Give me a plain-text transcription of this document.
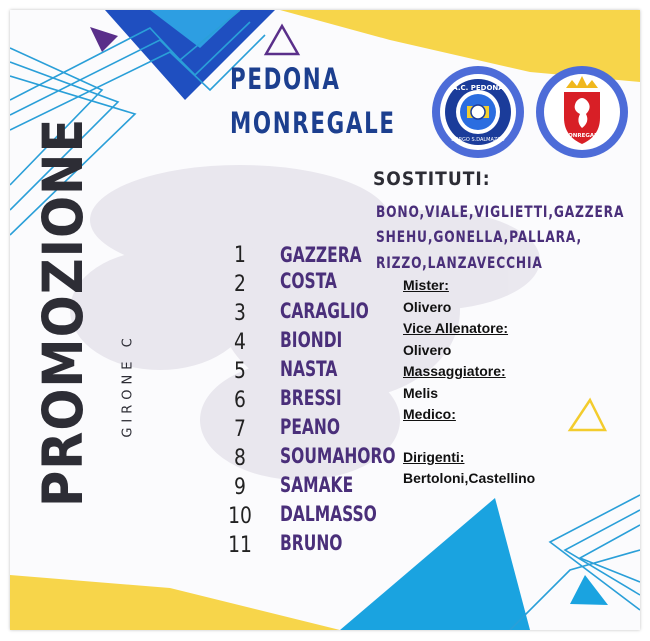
PEDONA
MONREGALE
A.C. PEDONA
BORGO S.DALMAZZO
MONREGALE
PROMOZIONE GIRONE C
1	GAZZERA
2	COSTA
3	CARAGLIO
4	BIONDI
5	NASTA
6	BRESSI
7	PEANO
8	SOUMAHORO
9	SAMAKE
10 DALMASSO
11 BRUNO
SOSTITUTI:
BONO,VIALE,VIGLIETTI,GAZZERA
SHEHU,GONELLA,PALLARA,
RIZZO,LANZAVECCHIA
Mister:
Olivero
Vice Allenatore:
Olivero
Massaggiatore:
Melis
Medico:
Dirigenti:
Bertoloni,Castellino
